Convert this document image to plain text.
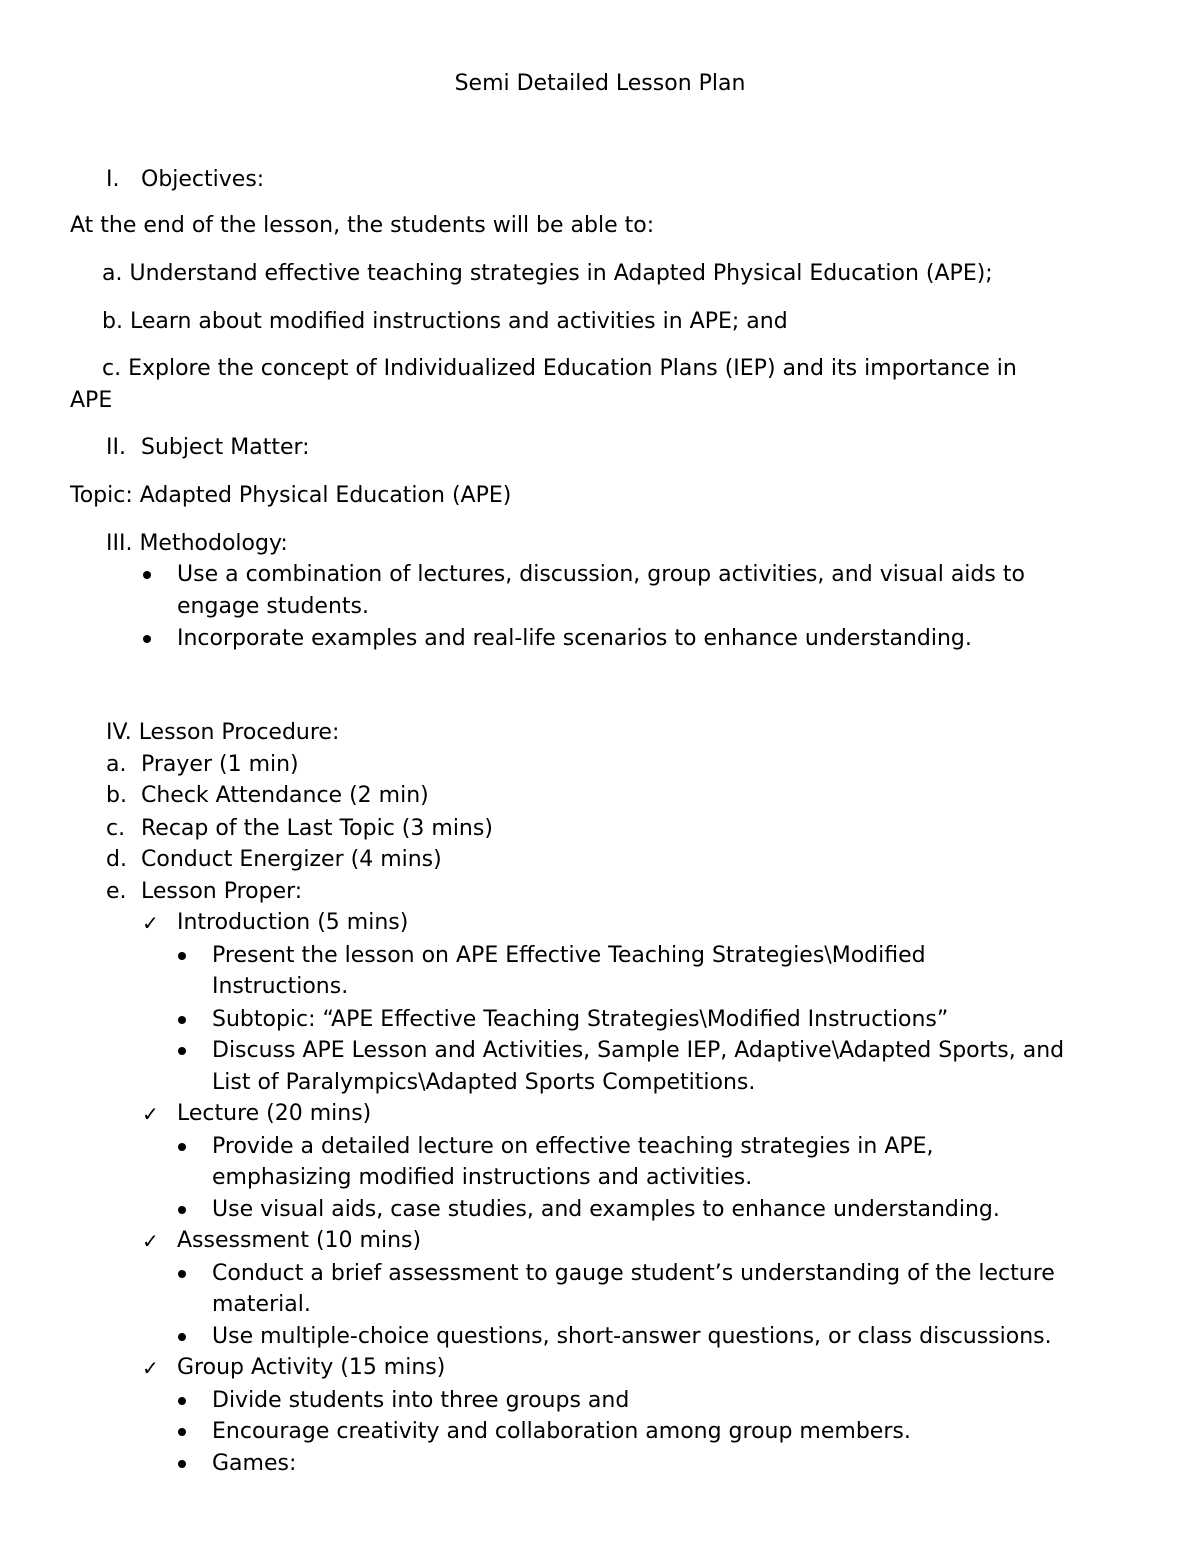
Semi Detailed Lesson Plan
I. Objectives:
At the end of the lesson, the students will be able to:
a. Understand effective teaching strategies in Adapted Physical Education (APE);
b. Learn about modified instructions and activities in APE; and
c. Explore the concept of Individualized Education Plans (IEP) and its importance in
APE
II. Subject Matter:
Topic: Adapted Physical Education (APE)
III. Methodology:
Use a combination of lectures, discussion, group activities, and visual aids to
engage students.
Incorporate examples and real-life scenarios to enhance understanding.
IV. Lesson Procedure:
a. Prayer (1 min)
b. Check Attendance (2 min)
c. Recap of the Last Topic (3 mins)
d. Conduct Energizer (4 mins)
e. Lesson Proper:
✓ Introduction (5 mins)
Present the lesson on APE Effective Teaching Strategies\Modified
Instructions.
Subtopic: “APE Effective Teaching Strategies\Modified Instructions”
Discuss APE Lesson and Activities, Sample IEP, Adaptive\Adapted Sports, and
List of Paralympics\Adapted Sports Competitions.
✓ Lecture (20 mins)
Provide a detailed lecture on effective teaching strategies in APE,
emphasizing modified instructions and activities.
Use visual aids, case studies, and examples to enhance understanding.
✓ Assessment (10 mins)
Conduct a brief assessment to gauge student’s understanding of the lecture
material.
Use multiple-choice questions, short-answer questions, or class discussions.
✓ Group Activity (15 mins)
Divide students into three groups and
Encourage creativity and collaboration among group members.
Games:
